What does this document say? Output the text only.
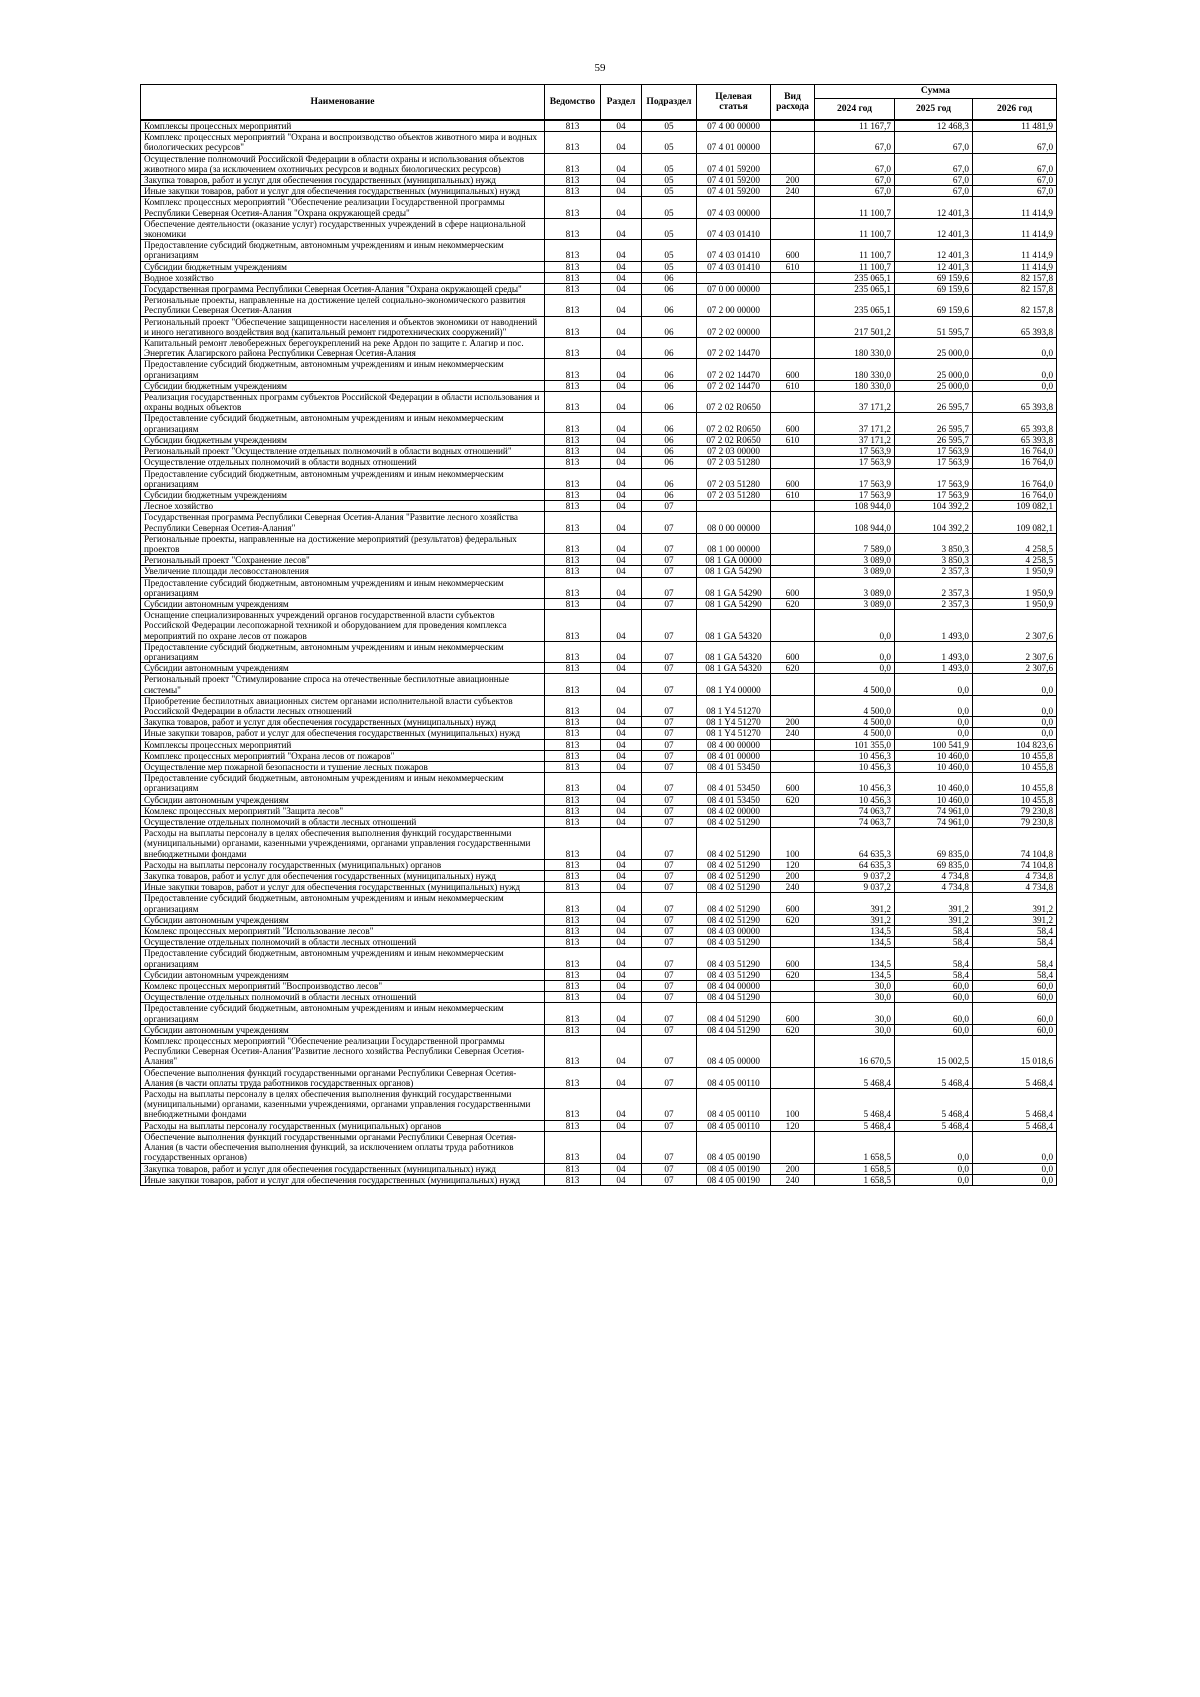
59
Наименование	Ведомство	Раздел	Подраздел	Целевая статья	Вид расхода	Сумма		
						2024 год	2025 год	2026 год
Комплексы процессных мероприятий	813	04	05	07 4 00 00000		11 167,7	12 468,3	11 481,9
Комплекс процессных мероприятий "Охрана и воспроизводство объектов животного мира и водных биологических ресурсов"	813	04	05	07 4 01 00000		67,0	67,0	67,0
Осуществление полномочий Российской Федерации в области охраны и использования объектов животного мира (за исключением охотничьих ресурсов и водных биологических ресурсов)	813	04	05	07 4 01 59200		67,0	67,0	67,0
Закупка товаров, работ и услуг для обеспечения государственных (муниципальных) нужд	813	04	05	07 4 01 59200	200	67,0	67,0	67,0
Иные закупки товаров, работ и услуг для обеспечения государственных (муниципальных) нужд	813	04	05	07 4 01 59200	240	67,0	67,0	67,0
Комплекс процессных мероприятий "Обеспечение реализации Государственной программы Республики Северная Осетия-Алания "Охрана окружающей среды"	813	04	05	07 4 03 00000		11 100,7	12 401,3	11 414,9
Обеспечение деятельности (оказание услуг) государственных учреждений в сфере национальной экономики	813	04	05	07 4 03 01410		11 100,7	12 401,3	11 414,9
Предоставление субсидий бюджетным, автономным учреждениям и иным некоммерческим организациям	813	04	05	07 4 03 01410	600	11 100,7	12 401,3	11 414,9
Субсидии бюджетным учреждениям	813	04	05	07 4 03 01410	610	11 100,7	12 401,3	11 414,9
Водное хозяйство	813	04	06			235 065,1	69 159,6	82 157,8
Государственная программа Республики Северная Осетия-Алания "Охрана окружающей среды"	813	04	06	07 0 00 00000		235 065,1	69 159,6	82 157,8
Региональные проекты, направленные на достижение целей социально-экономического развития Республики Северная Осетия-Алания	813	04	06	07 2 00 00000		235 065,1	69 159,6	82 157,8
Региональный проект "Обеспечение защищенности населения и объектов экономики от наводнений и иного негативного воздействия вод (капитальный ремонт гидротехнических сооружений)"	813	04	06	07 2 02 00000		217 501,2	51 595,7	65 393,8
Капитальный ремонт левобережных берегоукреплений на реке Ардон по защите г. Алагир и пос. Энергетик Алагирского района Республики Северная Осетия-Алания	813	04	06	07 2 02 14470		180 330,0	25 000,0	0,0
Предоставление субсидий бюджетным, автономным учреждениям и иным некоммерческим организациям	813	04	06	07 2 02 14470	600	180 330,0	25 000,0	0,0
Субсидии бюджетным учреждениям	813	04	06	07 2 02 14470	610	180 330,0	25 000,0	0,0
Реализация государственных программ субъектов Российской Федерации в области использования и охраны водных объектов	813	04	06	07 2 02 R0650		37 171,2	26 595,7	65 393,8
Предоставление субсидий бюджетным, автономным учреждениям и иным некоммерческим организациям	813	04	06	07 2 02 R0650	600	37 171,2	26 595,7	65 393,8
Субсидии бюджетным учреждениям	813	04	06	07 2 02 R0650	610	37 171,2	26 595,7	65 393,8
Региональный проект "Осуществление отдельных полномочий в области водных отношений"	813	04	06	07 2 03 00000		17 563,9	17 563,9	16 764,0
Осуществление отдельных полномочий в области водных отношений	813	04	06	07 2 03 51280		17 563,9	17 563,9	16 764,0
Предоставление субсидий бюджетным, автономным учреждениям и иным некоммерческим организациям	813	04	06	07 2 03 51280	600	17 563,9	17 563,9	16 764,0
Субсидии бюджетным учреждениям	813	04	06	07 2 03 51280	610	17 563,9	17 563,9	16 764,0
Лесное хозяйство	813	04	07			108 944,0	104 392,2	109 082,1
Государственная программа Республики Северная Осетия-Алания "Развитие лесного хозяйства Республики Северная Осетия-Алания"	813	04	07	08 0 00 00000		108 944,0	104 392,2	109 082,1
Региональные проекты, направленные на достижение мероприятий (результатов) федеральных проектов	813	04	07	08 1 00 00000		7 589,0	3 850,3	4 258,5
Региональный проект "Сохранение лесов"	813	04	07	08 1 GA 00000		3 089,0	3 850,3	4 258,5
Увеличение площади лесовосстановления	813	04	07	08 1 GA 54290		3 089,0	2 357,3	1 950,9
Предоставление субсидий бюджетным, автономным учреждениям и иным некоммерческим организациям	813	04	07	08 1 GA 54290	600	3 089,0	2 357,3	1 950,9
Субсидии автономным учреждениям	813	04	07	08 1 GA 54290	620	3 089,0	2 357,3	1 950,9
Оснащение специализированных учреждений органов государственной власти субъектов Российской Федерации лесопожарной техникой и оборудованием для проведения комплекса мероприятий по охране лесов от пожаров	813	04	07	08 1 GA 54320		0,0	1 493,0	2 307,6
Предоставление субсидий бюджетным, автономным учреждениям и иным некоммерческим организациям	813	04	07	08 1 GA 54320	600	0,0	1 493,0	2 307,6
Субсидии автономным учреждениям	813	04	07	08 1 GA 54320	620	0,0	1 493,0	2 307,6
Региональный проект "Стимулирование спроса на отечественные беспилотные авиационные системы"	813	04	07	08 1 Y4 00000		4 500,0	0,0	0,0
Приобретение беспилотных авиационных систем органами исполнительной власти субъектов Российской Федерации в области лесных отношений	813	04	07	08 1 Y4 51270		4 500,0	0,0	0,0
Закупка товаров, работ и услуг для обеспечения государственных (муниципальных) нужд	813	04	07	08 1 Y4 51270	200	4 500,0	0,0	0,0
Иные закупки товаров, работ и услуг для обеспечения государственных (муниципальных) нужд	813	04	07	08 1 Y4 51270	240	4 500,0	0,0	0,0
Комплексы процессных мероприятий	813	04	07	08 4 00 00000		101 355,0	100 541,9	104 823,6
Комплекс процессных мероприятий "Охрана лесов от пожаров"	813	04	07	08 4 01 00000		10 456,3	10 460,0	10 455,8
Осуществление мер пожарной безопасности и тушение лесных пожаров	813	04	07	08 4 01 53450		10 456,3	10 460,0	10 455,8
Предоставление субсидий бюджетным, автономным учреждениям и иным некоммерческим организациям	813	04	07	08 4 01 53450	600	10 456,3	10 460,0	10 455,8
Субсидии автономным учреждениям	813	04	07	08 4 01 53450	620	10 456,3	10 460,0	10 455,8
Комлекс процессных мероприятий "Защита лесов"	813	04	07	08 4 02 00000		74 063,7	74 961,0	79 230,8
Осуществление отдельных полномочий в области лесных отношений	813	04	07	08 4 02 51290		74 063,7	74 961,0	79 230,8
Расходы на выплаты персоналу в целях обеспечения выполнения функций государственными (муниципальными) органами, казенными учреждениями, органами управления государственными внебюджетными фондами	813	04	07	08 4 02 51290	100	64 635,3	69 835,0	74 104,8
Расходы на выплаты персоналу государственных (муниципальных) органов	813	04	07	08 4 02 51290	120	64 635,3	69 835,0	74 104,8
Закупка товаров, работ и услуг для обеспечения государственных (муниципальных) нужд	813	04	07	08 4 02 51290	200	9 037,2	4 734,8	4 734,8
Иные закупки товаров, работ и услуг для обеспечения государственных (муниципальных) нужд	813	04	07	08 4 02 51290	240	9 037,2	4 734,8	4 734,8
Предоставление субсидий бюджетным, автономным учреждениям и иным некоммерческим организациям	813	04	07	08 4 02 51290	600	391,2	391,2	391,2
Субсидии автономным учреждениям	813	04	07	08 4 02 51290	620	391,2	391,2	391,2
Комлекс процессных мероприятий "Использование лесов"	813	04	07	08 4 03 00000		134,5	58,4	58,4
Осуществление отдельных полномочий в области лесных отношений	813	04	07	08 4 03 51290		134,5	58,4	58,4
Предоставление субсидий бюджетным, автономным учреждениям и иным некоммерческим организациям	813	04	07	08 4 03 51290	600	134,5	58,4	58,4
Субсидии автономным учреждениям	813	04	07	08 4 03 51290	620	134,5	58,4	58,4
Комлекс процессных мероприятий "Воспроизводство лесов"	813	04	07	08 4 04 00000		30,0	60,0	60,0
Осуществление отдельных полномочий в области лесных отношений	813	04	07	08 4 04 51290		30,0	60,0	60,0
Предоставление субсидий бюджетным, автономным учреждениям и иным некоммерческим организациям	813	04	07	08 4 04 51290	600	30,0	60,0	60,0
Субсидии автономным учреждениям	813	04	07	08 4 04 51290	620	30,0	60,0	60,0
Комплекс процессных мероприятий "Обеспечение реализации Государственной программы Республики Северная Осетия-Алания"Развитие лесного хозяйства Республики Северная Осетия-Алания"	813	04	07	08 4 05 00000		16 670,5	15 002,5	15 018,6
Обеспечение выполнения функций государственными органами Республики Северная Осетия-Алания (в части оплаты труда работников государственных органов)	813	04	07	08 4 05 00110		5 468,4	5 468,4	5 468,4
Расходы на выплаты персоналу в целях обеспечения выполнения функций государственными (муниципальными) органами, казенными учреждениями, органами управления государственными внебюджетными фондами	813	04	07	08 4 05 00110	100	5 468,4	5 468,4	5 468,4
Расходы на выплаты персоналу государственных (муниципальных) органов	813	04	07	08 4 05 00110	120	5 468,4	5 468,4	5 468,4
Обеспечение выполнения функций государственными органами Республики Северная Осетия-Алания (в части обеспечения выполнения функций, за исключением оплаты труда работников государственных органов)	813	04	07	08 4 05 00190		1 658,5	0,0	0,0
Закупка товаров, работ и услуг для обеспечения государственных (муниципальных) нужд	813	04	07	08 4 05 00190	200	1 658,5	0,0	0,0
Иные закупки товаров, работ и услуг для обеспечения государственных (муниципальных) нужд	813	04	07	08 4 05 00190	240	1 658,5	0,0	0,0
